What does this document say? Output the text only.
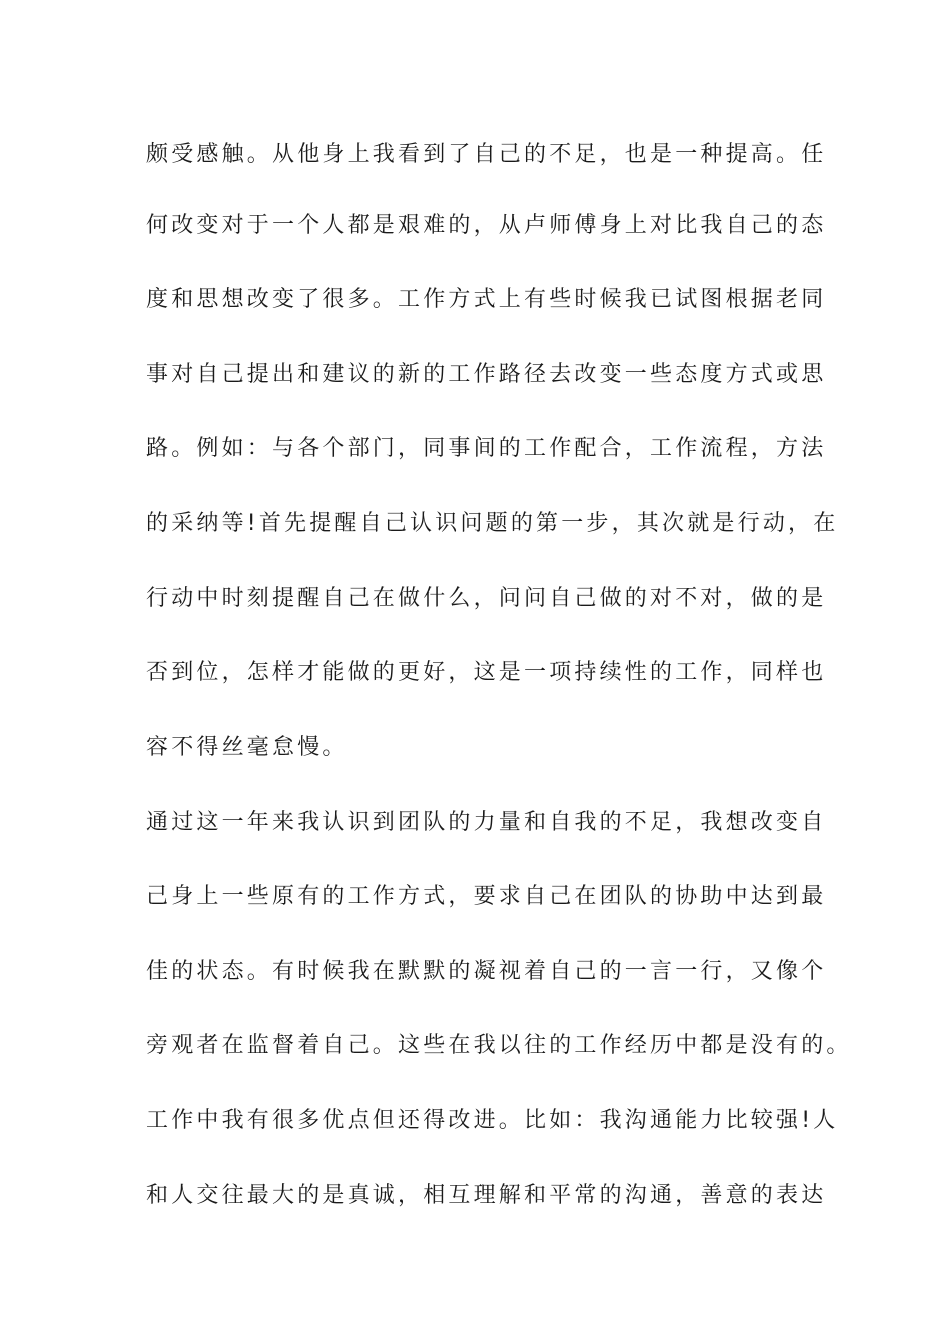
颇受感触。从他身上我看到了自己的不足，也是一种提高。任
何改变对于一个人都是艰难的，从卢师傅身上对比我自己的态
度和思想改变了很多。工作方式上有些时候我已试图根据老同
事对自己提出和建议的新的工作路径去改变一些态度方式或思
路。例如：与各个部门，同事间的工作配合，工作流程，方法
的采纳等!首先提醒自己认识问题的第一步，其次就是行动，在
行动中时刻提醒自己在做什么，问问自己做的对不对，做的是
否到位，怎样才能做的更好，这是一项持续性的工作，同样也
容不得丝毫怠慢。
通过这一年来我认识到团队的力量和自我的不足，我想改变自
己身上一些原有的工作方式，要求自己在团队的协助中达到最
佳的状态。有时候我在默默的凝视着自己的一言一行，又像个
旁观者在监督着自己。这些在我以往的工作经历中都是没有的。
工作中我有很多优点但还得改进。比如：我沟通能力比较强!人
和人交往最大的是真诚，相互理解和平常的沟通，善意的表达
